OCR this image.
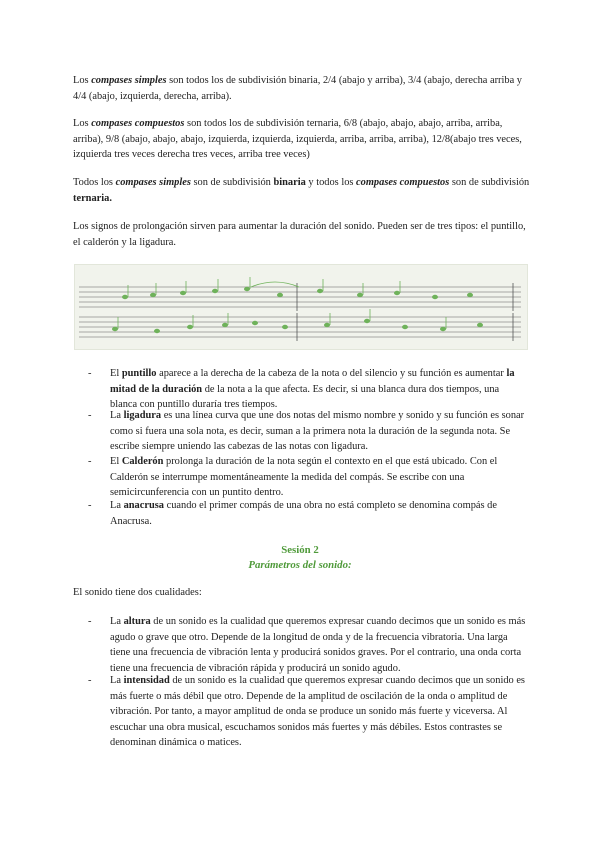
Los compases simples son todos los de subdivisión binaria, 2/4 (abajo y arriba), 3/4 (abajo, derecha arriba y 4/4 (abajo, izquierda, derecha, arriba).

Los compases compuestos son todos los de subdivisión ternaria, 6/8 (abajo, abajo, abajo, arriba, arriba, arriba), 9/8 (abajo, abajo, abajo, izquierda, izquierda, izquierda, arriba, arriba, arriba), 12/8(abajo tres veces, izquierda tres veces derecha tres veces, arriba tree veces)

Todos los compases simples son de subdivisión binaria y todos los compases compuestos son de subdivisión ternaria.

Los signos de prolongación sirven para aumentar la duración del sonido. Pueden ser de tres tipos: el puntillo, el calderón y la ligadura.

- El puntillo aparece a la derecha de la cabeza de la nota o del silencio y su función es aumentar la mitad de la duración de la nota a la que afecta. Es decir, si una blanca dura dos tiempos, una blanca con puntillo duraría tres tiempos.
- La ligadura es una línea curva que une dos notas del mismo nombre y sonido y su función es sonar como si fuera una sola nota, es decir, suman a la primera nota la duración de la segunda nota. Se escribe siempre uniendo las cabezas de las notas con ligadura.
- El Calderón prolonga la duración de la nota según el contexto en el que está ubicado. Con el Calderón se interrumpe momentáneamente la medida del compás. Se escribe con una semicircunferencia con un puntito dentro.
- La anacrusa cuando el primer compás de una obra no está completo se denomina compás de Anacrusa.
Sesión 2
Parámetros del sonido:

El sonido tiene dos cualidades:

- La altura de un sonido es la cualidad que queremos expresar cuando decimos que un sonido es más agudo o grave que otro. Depende de la longitud de onda y de la frecuencia vibratoria. Una larga tiene una frecuencia de vibración lenta y producirá sonidos graves. Por el contrario, una onda corta tiene una frecuencia de vibración rápida y producirá un sonido agudo.
- La intensidad de un sonido es la cualidad que queremos expresar cuando decimos que un sonido es más fuerte o más débil que otro. Depende de la amplitud de oscilación de la onda o amplitud de vibración. Por tanto, a mayor amplitud de onda se produce un sonido más fuerte y viceversa. Al escuchar una obra musical, escuchamos sonidos más fuertes y más débiles. Estos contrastes se denominan dinámica o matices.
